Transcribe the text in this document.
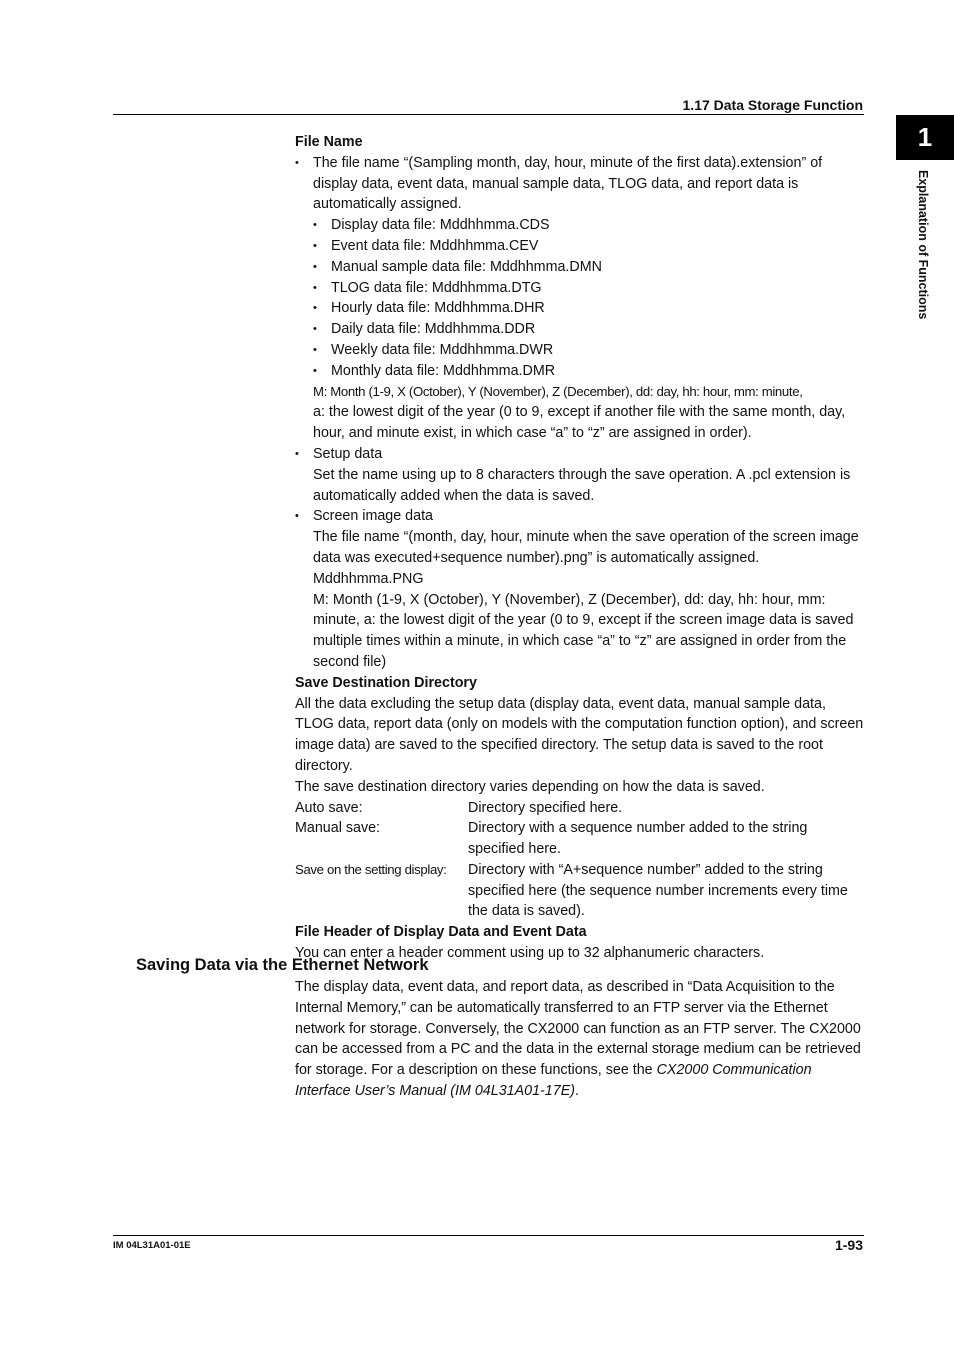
1.17 Data Storage Function
1
Explanation of Functions
File Name
• The file name “(Sampling month, day, hour, minute of the first data).extension” of display data, event data, manual sample data, TLOG data, and report data is automatically assigned.
• Display data file: Mddhhmma.CDS
• Event data file: Mddhhmma.CEV
• Manual sample data file: Mddhhmma.DMN
• TLOG data file: Mddhhmma.DTG
• Hourly data file: Mddhhmma.DHR
• Daily data file: Mddhhmma.DDR
• Weekly data file: Mddhhmma.DWR
• Monthly data file: Mddhhmma.DMR
M: Month (1-9, X (October), Y (November), Z (December), dd: day, hh: hour, mm: minute,
a: the lowest digit of the year (0 to 9, except if another file with the same month, day, hour, and minute exist, in which case “a” to “z” are assigned in order).
• Setup data
Set the name using up to 8 characters through the save operation. A .pcl extension is automatically added when the data is saved.
• Screen image data
The file name “(month, day, hour, minute when the save operation of the screen image data was executed+sequence number).png” is automatically assigned.
Mddhhmma.PNG
M: Month (1-9, X (October), Y (November), Z (December), dd: day, hh: hour, mm: minute, a: the lowest digit of the year (0 to 9, except if the screen image data is saved multiple times within a minute, in which case “a” to “z” are assigned in order from the second file)
Save Destination Directory
All the data excluding the setup data (display data, event data, manual sample data, TLOG data, report data (only on models with the computation function option), and screen image data) are saved to the specified directory. The setup data is saved to the root directory.
The save destination directory varies depending on how the data is saved.
Auto save:	Directory specified here.
Manual save:	Directory with a sequence number added to the string specified here.
Save on the setting display:	Directory with “A+sequence number” added to the string specified here (the sequence number increments every time the data is saved).
File Header of Display Data and Event Data
You can enter a header comment using up to 32 alphanumeric characters.
Saving Data via the Ethernet Network
The display data, event data, and report data, as described in “Data Acquisition to the Internal Memory,” can be automatically transferred to an FTP server via the Ethernet network for storage. Conversely, the CX2000 can function as an FTP server. The CX2000 can be accessed from a PC and the data in the external storage medium can be retrieved for storage. For a description on these functions, see the CX2000 Communication Interface User’s Manual (IM 04L31A01-17E).
IM 04L31A01-01E	1-93
